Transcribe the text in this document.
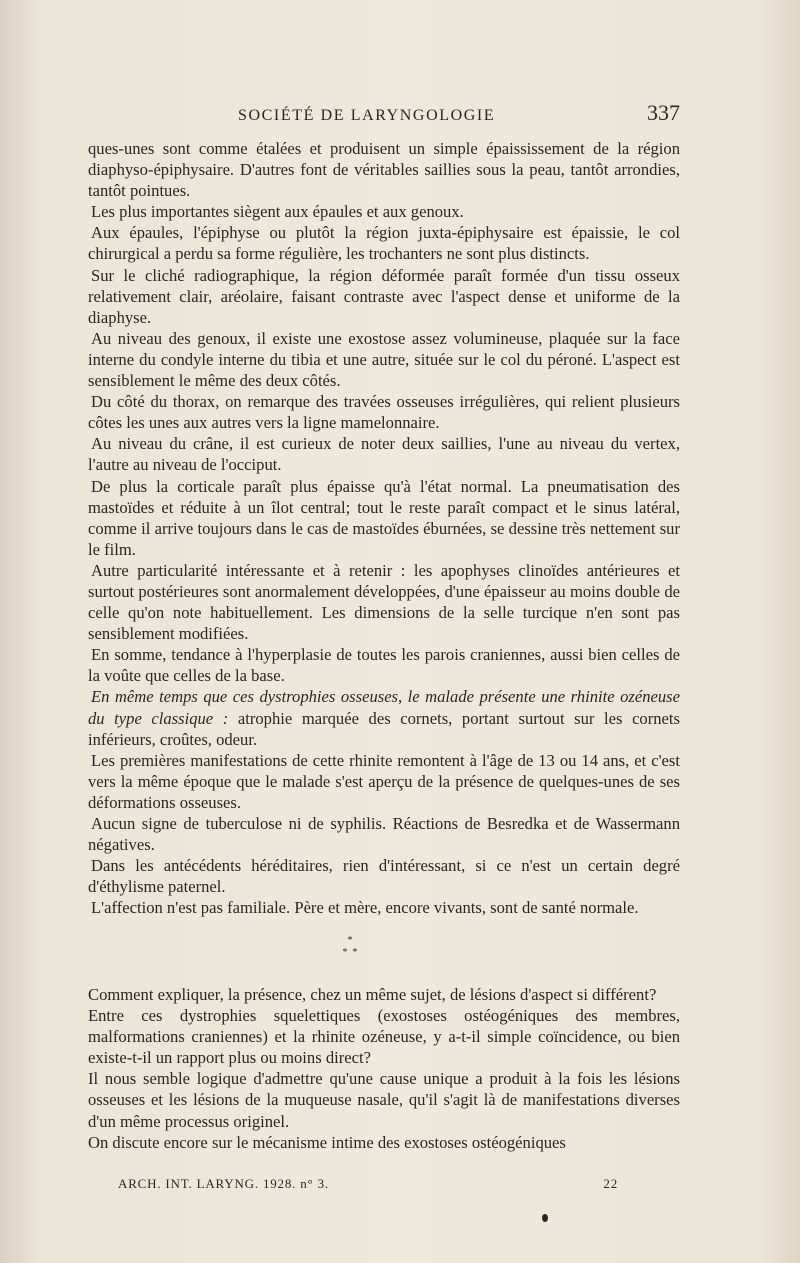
SOCIÉTÉ DE LARYNGOLOGIE	337

ques-unes sont comme étalées et produisent un simple épaississement de la région diaphyso-épiphysaire. D'autres font de véritables saillies sous la peau, tantôt arrondies, tantôt pointues.

Les plus importantes siègent aux épaules et aux genoux.

Aux épaules, l'épiphyse ou plutôt la région juxta-épiphysaire est épaissie, le col chirurgical a perdu sa forme régulière, les trochanters ne sont plus distincts.

Sur le cliché radiographique, la région déformée paraît formée d'un tissu osseux relativement clair, aréolaire, faisant contraste avec l'aspect dense et uniforme de la diaphyse.

Au niveau des genoux, il existe une exostose assez volumineuse, plaquée sur la face interne du condyle interne du tibia et une autre, située sur le col du péroné. L'aspect est sensiblement le même des deux côtés.

Du côté du thorax, on remarque des travées osseuses irrégulières, qui relient plusieurs côtes les unes aux autres vers la ligne mamelonnaire.

Au niveau du crâne, il est curieux de noter deux saillies, l'une au niveau du vertex, l'autre au niveau de l'occiput.

De plus la corticale paraît plus épaisse qu'à l'état normal. La pneumatisation des mastoïdes et réduite à un îlot central; tout le reste paraît compact et le sinus latéral, comme il arrive toujours dans le cas de mastoïdes éburnées, se dessine très nettement sur le film.

Autre particularité intéressante et à retenir : les apophyses clinoïdes antérieures et surtout postérieures sont anormalement développées, d'une épaisseur au moins double de celle qu'on note habituellement. Les dimensions de la selle turcique n'en sont pas sensiblement modifiées.

En somme, tendance à l'hyperplasie de toutes les parois craniennes, aussi bien celles de la voûte que celles de la base.

En même temps que ces dystrophies osseuses, le malade présente une rhinite ozéneuse du type classique : atrophie marquée des cornets, portant surtout sur les cornets inférieurs, croûtes, odeur.

Les premières manifestations de cette rhinite remontent à l'âge de 13 ou 14 ans, et c'est vers la même époque que le malade s'est aperçu de la présence de quelques-unes de ses déformations osseuses.

Aucun signe de tuberculose ni de syphilis. Réactions de Besredka et de Wassermann négatives.

Dans les antécédents héréditaires, rien d'intéressant, si ce n'est un certain degré d'éthylisme paternel.

L'affection n'est pas familiale. Père et mère, encore vivants, sont de santé normale.

*
*  *

Comment expliquer, la présence, chez un même sujet, de lésions d'aspect si différent?

Entre ces dystrophies squelettiques (exostoses ostéogéniques des membres, malformations craniennes) et la rhinite ozéneuse, y a-t-il simple coïncidence, ou bien existe-t-il un rapport plus ou moins direct?

Il nous semble logique d'admettre qu'une cause unique a produit à la fois les lésions osseuses et les lésions de la muqueuse nasale, qu'il s'agit là de manifestations diverses d'un même processus originel.

On discute encore sur le mécanisme intime des exostoses ostéogéniques

ARCH. INT. LARYNG. 1928. n° 3.	22
